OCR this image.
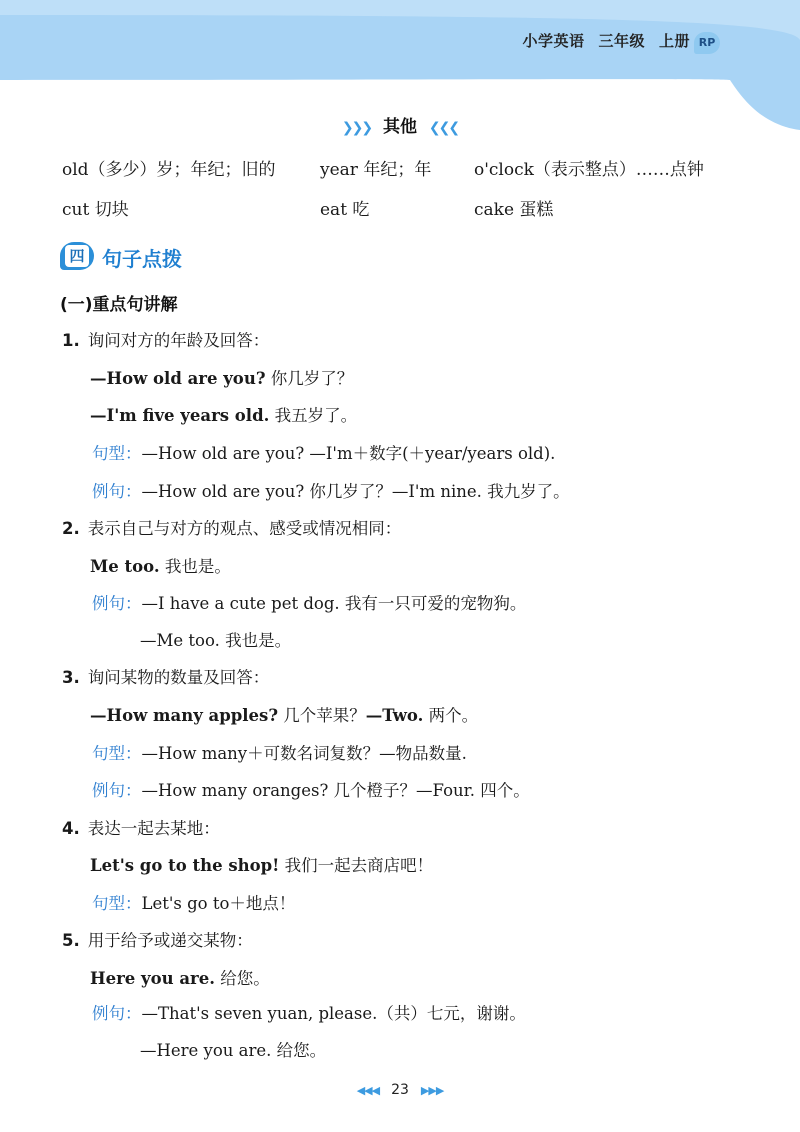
小学英语 三年级 上册 RP
❯❯❯ 其他 ❮❮❮
old（多少）岁；年纪；旧的	year 年纪；年	o'clock（表示整点）……点钟
cut 切块	eat 吃	cake 蛋糕
四 句子点拨
(一)重点句讲解
1. 询问对方的年龄及回答：
—How old are you? 你几岁了？
—I'm five years old. 我五岁了。
句型：—How old are you? —I'm＋数字(＋year/years old).
例句：—How old are you? 你几岁了？—I'm nine. 我九岁了。
2. 表示自己与对方的观点、感受或情况相同：
Me too. 我也是。
例句：—I have a cute pet dog. 我有一只可爱的宠物狗。
—Me too. 我也是。
3. 询问某物的数量及回答：
—How many apples? 几个苹果？—Two. 两个。
句型：—How many＋可数名词复数？—物品数量.
例句：—How many oranges? 几个橙子？—Four. 四个。
4. 表达一起去某地：
Let's go to the shop! 我们一起去商店吧！
句型：Let's go to＋地点！
5. 用于给予或递交某物：
Here you are. 给您。
例句：—That's seven yuan, please.（共）七元，谢谢。
—Here you are. 给您。
◀◀◀ 23 ▶▶▶
